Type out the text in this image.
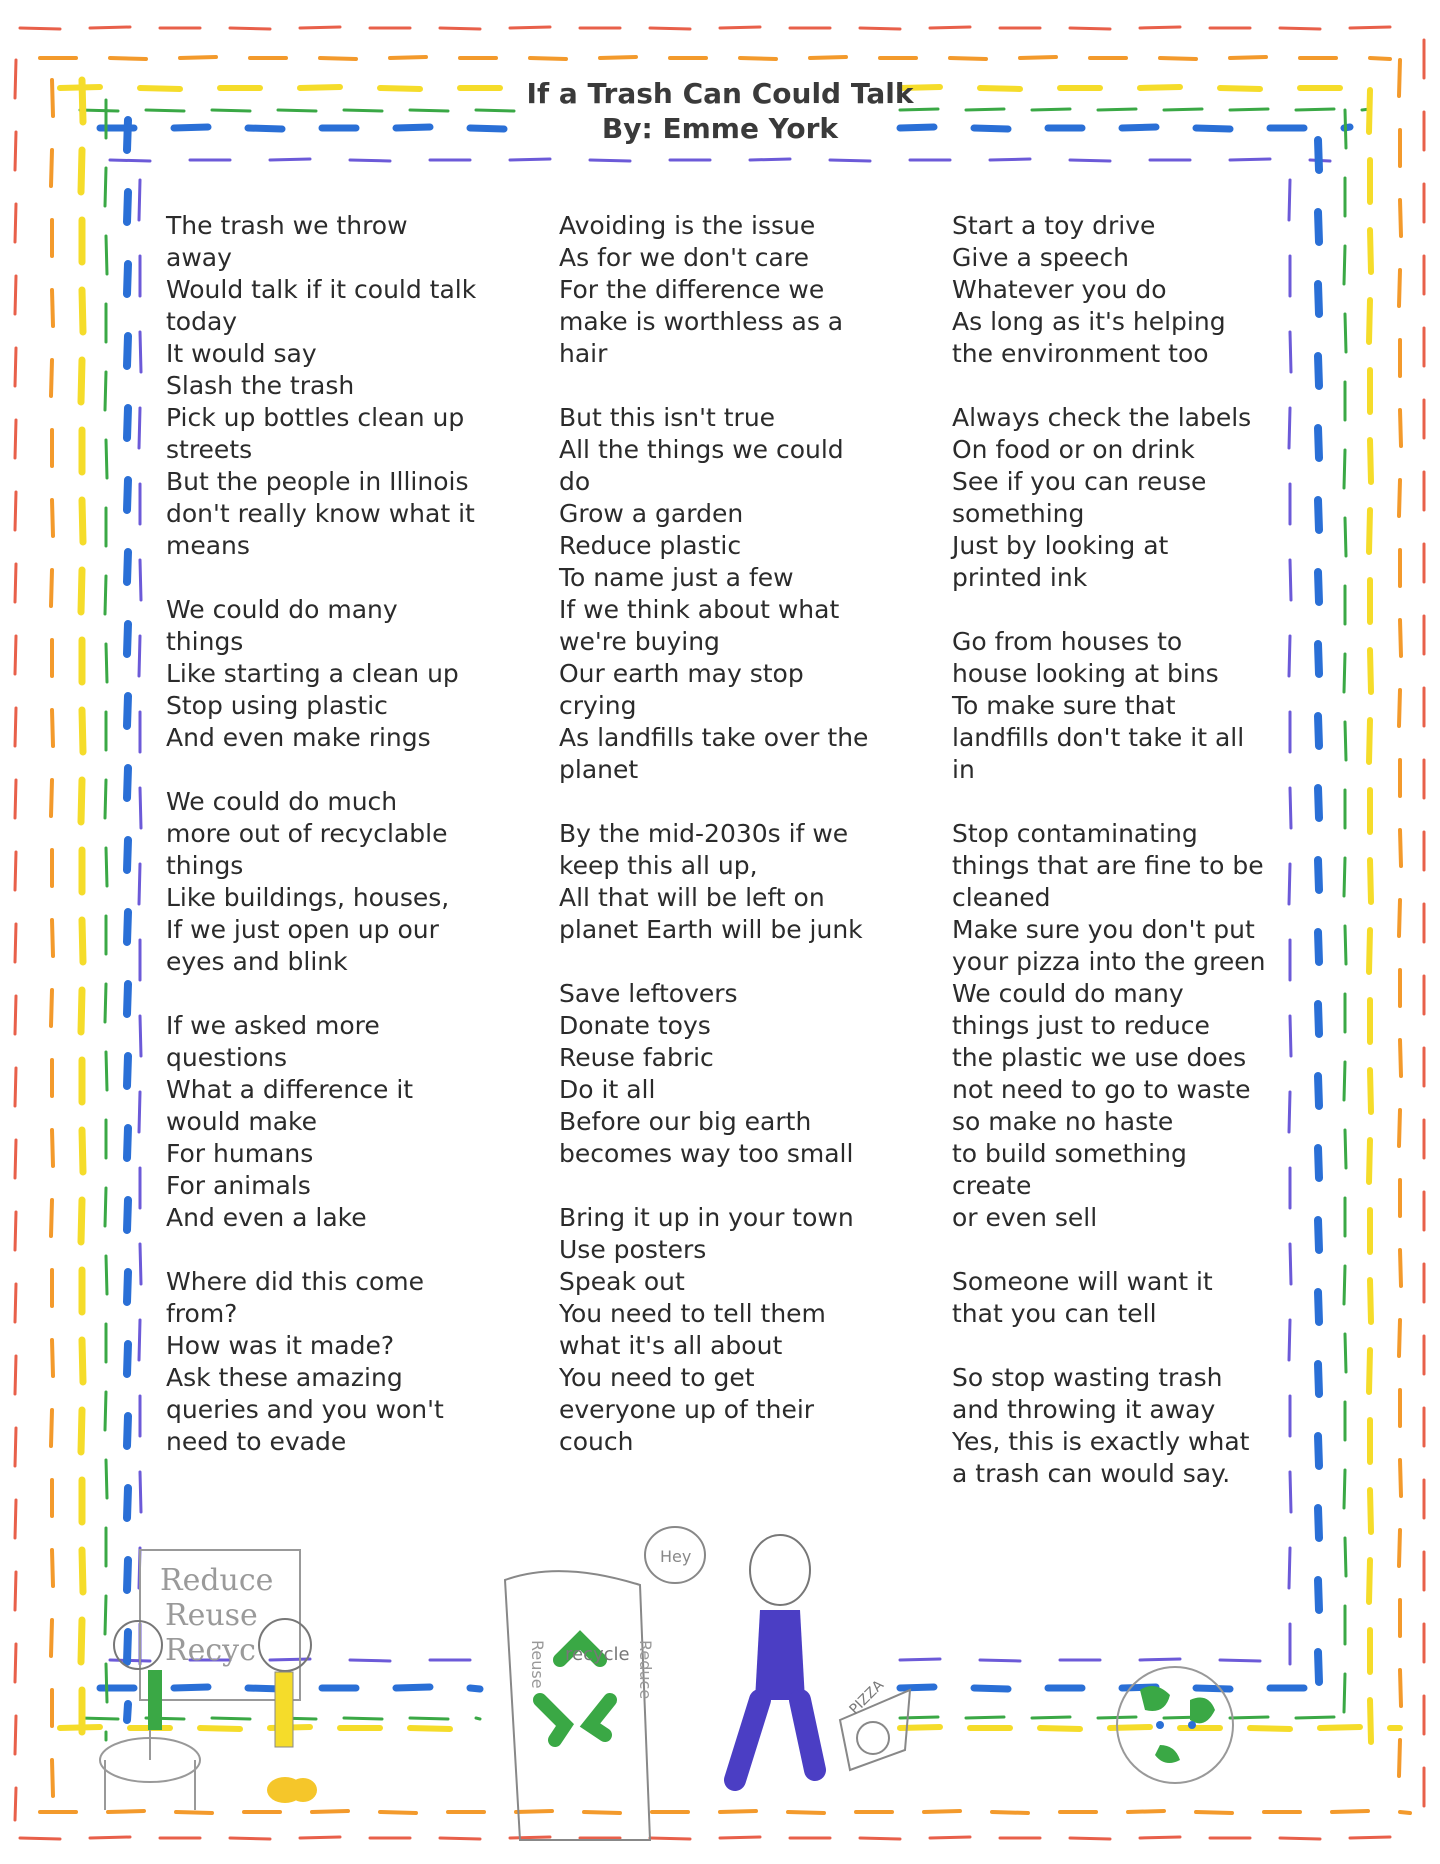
If a Trash Can Could Talk
By: Emme York
The trash we throw
away
Would talk if it could talk
today
It would say
Slash the trash
Pick up bottles clean up
streets
But the people in Illinois
don't really know what it
means
We could do many
things
Like starting a clean up
Stop using plastic
And even make rings
We could do much
more out of recyclable
things
Like buildings, houses,
If we just open up our
eyes and blink
If we asked more
questions
What a difference it
would make
For humans
For animals
And even a lake
Where did this come
from?
How was it made?
Ask these amazing
queries and you won't
need to evade
Avoiding is the issue
As for we don't care
For the difference we
make is worthless as a
hair
But this isn't true
All the things we could
do
Grow a garden
Reduce plastic
To name just a few
If we think about what
we're buying
Our earth may stop
crying
As landfills take over the
planet
By the mid-2030s if we
keep this all up,
All that will be left on
planet Earth will be junk
Save leftovers
Donate toys
Reuse fabric
Do it all
Before our big earth
becomes way too small
Bring it up in your town
Use posters
Speak out
You need to tell them
what it's all about
You need to get
everyone up of their
couch
Start a toy drive
Give a speech
Whatever you do
As long as it's helping
the environment too
Always check the labels
On food or on drink
See if you can reuse
something
Just by looking at
printed ink
Go from houses to
house looking at bins
To make sure that
landfills don't take it all
in
Stop contaminating
things that are fine to be
cleaned
Make sure you don't put
your pizza into the green
We could do many
things just to reduce
the plastic we use does
not need to go to waste
so make no haste
to build something
create
or even sell
Someone will want it
that you can tell
So stop wasting trash
and throwing it away
Yes, this is exactly what
a trash can would say.
Reduce
Reuse
Recyc	recycle
Reuse	Reduce
Hey
PIZZA
